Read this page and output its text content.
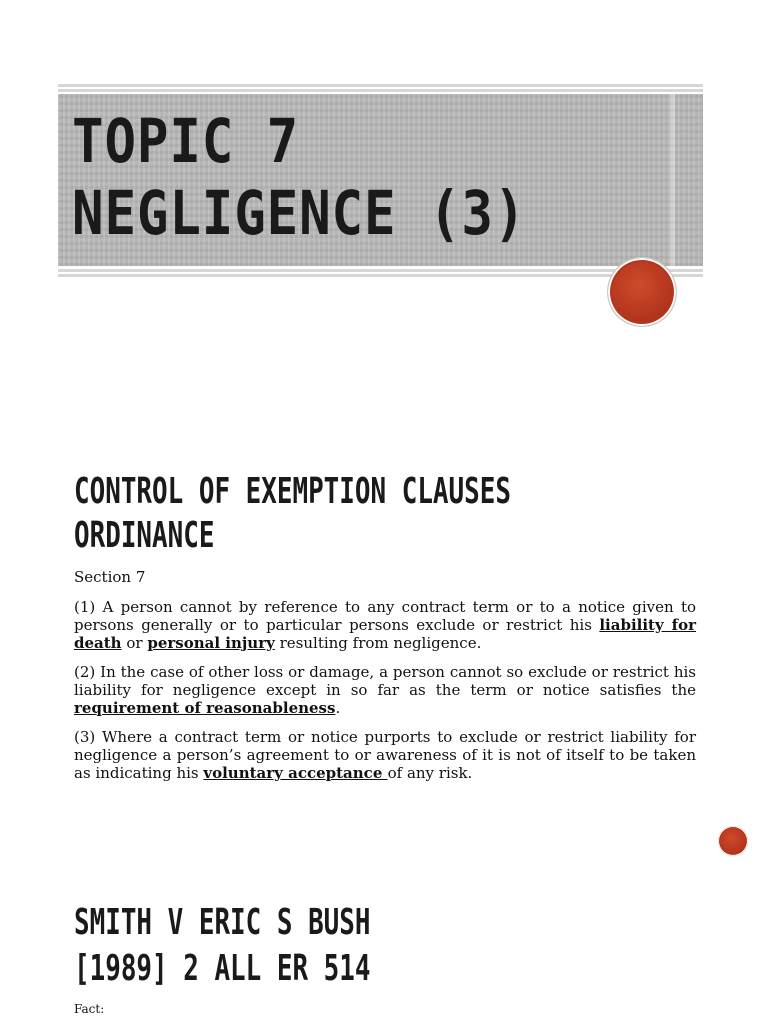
TOPIC 7
NEGLIGENCE (3)
CONTROL OF EXEMPTION CLAUSES
ORDINANCE
Section 7
(1) A person cannot by reference to any contract term or to a notice given to persons generally or to particular persons exclude or restrict his liability for death or personal injury resulting from negligence.
(2) In the case of other loss or damage, a person cannot so exclude or restrict his liability for negligence except in so far as the term or notice satisfies the requirement of reasonableness.
(3) Where a contract term or notice purports to exclude or restrict liability for negligence a person’s agreement to or awareness of it is not of itself to be taken as indicating his voluntary acceptance of any risk.
SMITH V ERIC S BUSH
[1989] 2 ALL ER 514
Fact:
